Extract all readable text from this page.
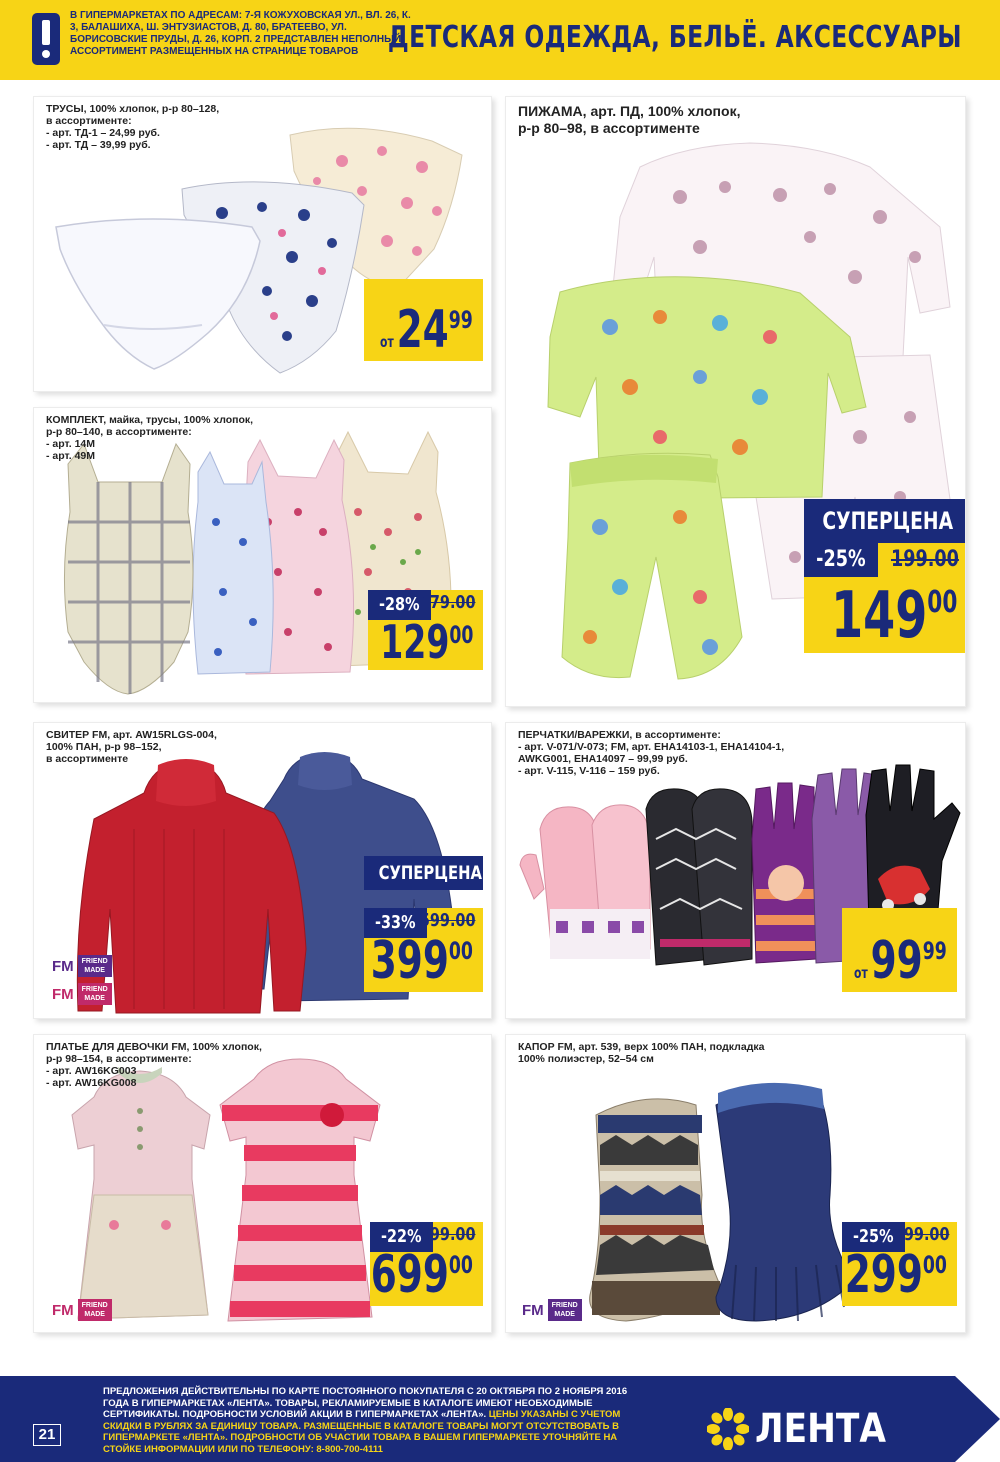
В ГИПЕРМАРКЕТАХ ПО АДРЕСАМ: 7-Я КОЖУХОВСКАЯ УЛ., ВЛ. 26, К. 3, БАЛАШИХА, Ш. ЭНТУЗИАСТОВ, Д. 80, БРАТЕЕВО, УЛ. БОРИСОВСКИЕ ПРУДЫ, Д. 26, КОРП. 2 ПРЕДСТАВЛЕН НЕПОЛНЫЙ АССОРТИМЕНТ РАЗМЕЩЕННЫХ НА СТРАНИЦЕ ТОВАРОВ ДЕТСКАЯ ОДЕЖДА, БЕЛЬЁ. АКСЕССУАРЫ
ТРУСЫ, 100% хлопок, р-р 80–128,
в ассортименте:
- арт. ТД-1 – 24,99 руб.
- арт. ТД – 39,99 руб.
от2499
ПИЖАМА, арт. ПД, 100% хлопок,
р-р 80–98, в ассортименте
СУПЕРЦЕНА
-25%	199.00
14900
КОМПЛЕКТ, майка, трусы, 100% хлопок,
р-р 80–140, в ассортименте:
- арт. 14М
- арт. 49М
-28% 179.00
12900
СВИТЕР FM, арт. AW15RLGS-004,
100% ПАН, р-р 98–152,
в ассортименте
СУПЕРЦЕНА
-33% 599.00
39900
FM	FRIEND MADE
FM	FRIEND MADE
ПЕРЧАТКИ/ВАРЕЖКИ, в ассортименте:
- арт. V-071/V-073; FM, арт. EHA14103-1, EHA14104-1,
AWKG001, EHA14097 – 99,99 руб.
- арт. V-115, V-116 – 159 руб.
от9999
ПЛАТЬЕ ДЛЯ ДЕВОЧКИ FM, 100% хлопок,
р-р 98–154, в ассортименте:
- арт. AW16KG003
- арт. AW16KG008
-22%
899.00
69900
FM	FRIEND MADE
КАПОР FM, арт. 539, верх 100% ПАН, подкладка
100% полиэстер, 52–54 см
-25% 399.00
29900
FM	FRIEND MADE
ПРЕДЛОЖЕНИЯ ДЕЙСТВИТЕЛЬНЫ ПО КАРТЕ ПОСТОЯННОГО ПОКУПАТЕЛЯ С 20 ОКТЯБРЯ ПО 2 НОЯБРЯ 2016 ГОДА В ГИПЕРМАРКЕТАХ «ЛЕНТА». ТОВАРЫ, РЕКЛАМИРУЕМЫЕ В КАТАЛОГЕ ИМЕЮТ НЕОБХОДИМЫЕ СЕРТИФИКАТЫ. ПОДРОБНОСТИ УСЛОВИЙ АКЦИИ В ГИПЕРМАРКЕТАХ «ЛЕНТА». ЦЕНЫ УКАЗАНЫ С УЧЕТОМ СКИДКИ В РУБЛЯХ ЗА ЕДИНИЦУ ТОВАРА. РАЗМЕЩЕННЫЕ В КАТАЛОГЕ ТОВАРЫ МОГУТ ОТСУТСТВОВАТЬ В ГИПЕРМАРКЕТЕ «ЛЕНТА». ПОДРОБНОСТИ ОБ УЧАСТИИ ТОВАРА В ВАШЕМ ГИПЕРМАРКЕТЕ УТОЧНЯЙТЕ НА СТОЙКЕ ИНФОРМАЦИИ ИЛИ ПО ТЕЛЕФОНУ: 8-800-700-4111
21	ЛЕНТА
